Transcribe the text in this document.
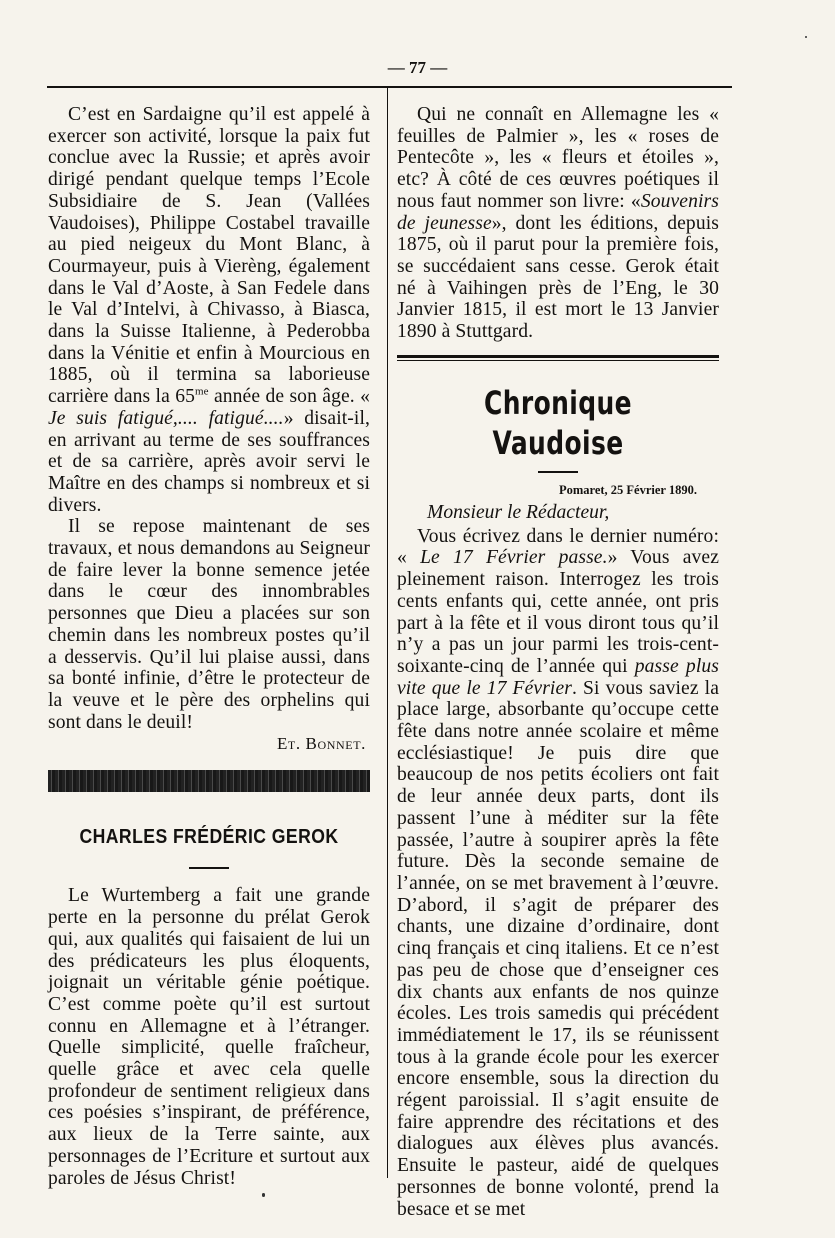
— 77 —

C’est en Sardaigne qu’il est appelé à exercer son activité, lorsque la paix fut conclue avec la Russie; et après avoir dirigé pendant quelque temps l’Ecole Subsidiaire de S. Jean (Vallées Vaudoises), Philippe Costabel travaille au pied neigeux du Mont Blanc, à Courmayeur, puis à Vierèng, également dans le Val d’Aoste, à San Fedele dans le Val d’Intelvi, à Chivasso, à Biasca, dans la Suisse Italienne, à Pederobba dans la Vénitie et enfin à Mourcious en 1885, où il termina sa laborieuse carrière dans la $65^{me}$ année de son âge. « Je suis fatigué,.... fatigué....» disait-il, en arrivant au terme de ses souffrances et de sa carrière, après avoir servi le Maître en des champs si nombreux et si divers.

Il se repose maintenant de ses travaux, et nous demandons au Seigneur de faire lever la bonne semence jetée dans le cœur des innombrables personnes que Dieu a placées sur son chemin dans les nombreux postes qu’il a desservis. Qu’il lui plaise aussi, dans sa bonté infinie, d’être le protecteur de la veuve et le père des orphelins qui sont dans le deuil!

Et. Bonnet.

CHARLES FRÉDÉRIC GEROK

Le Wurtemberg a fait une grande perte en la personne du prélat Gerok qui, aux qualités qui faisaient de lui un des prédicateurs les plus éloquents, joignait un véritable génie poétique. C’est comme poète qu’il est surtout connu en Allemagne et à l’étranger. Quelle simplicité, quelle fraîcheur, quelle grâce et avec cela quelle profondeur de sentiment religieux dans ces poésies s’inspirant, de préférence, aux lieux de la Terre sainte, aux personnages de l’Ecriture et surtout aux paroles de Jésus Christ!

Qui ne connaît en Allemagne les « feuilles de Palmier », les « roses de Pentecôte », les « fleurs et étoiles », etc? À côté de ces œuvres poétiques il nous faut nommer son livre: «Souvenirs de jeunesse», dont les éditions, depuis 1875, où il parut pour la première fois, se succédaient sans cesse. Gerok était né à Vaihingen près de l’Eng, le 30 Janvier 1815, il est mort le 13 Janvier 1890 à Stuttgard.

Chronique Vaudoise
Pomaret, 25 Février 1890.
Monsieur le Rédacteur,

Vous écrivez dans le dernier numéro: « Le 17 Février passe.» Vous avez pleinement raison. Interrogez les trois cents enfants qui, cette année, ont pris part à la fête et il vous diront tous qu’il n’y a pas un jour parmi les trois-cent-soixante-cinq de l’année qui passe plus vite que le 17 Février. Si vous saviez la place large, absorbante qu’occupe cette fête dans notre année scolaire et même ecclésiastique! Je puis dire que beaucoup de nos petits écoliers ont fait de leur année deux parts, dont ils passent l’une à méditer sur la fête passée, l’autre à soupirer après la fête future. Dès la seconde semaine de l’année, on se met bravement à l’œuvre. D’abord, il s’agit de préparer des chants, une dizaine d’ordinaire, dont cinq français et cinq italiens. Et ce n’est pas peu de chose que d’enseigner ces dix chants aux enfants de nos quinze écoles. Les trois samedis qui précédent immédiatement le 17, ils se réunissent tous à la grande école pour les exercer encore ensemble, sous la direction du régent paroissial. Il s’agit ensuite de faire apprendre des récitations et des dialogues aux élèves plus avancés. Ensuite le pasteur, aidé de quelques personnes de bonne volonté, prend la besace et se met
